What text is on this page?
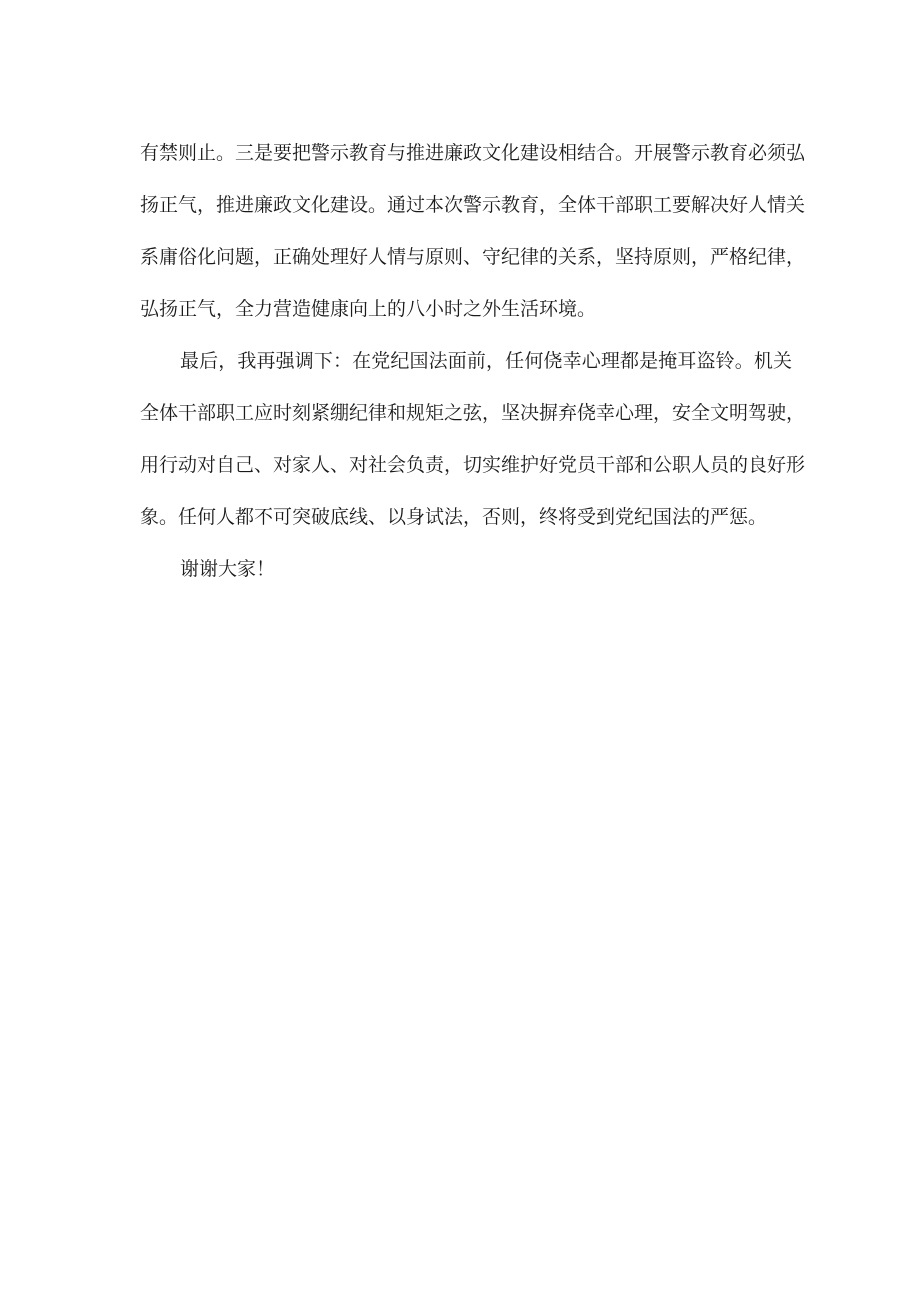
有禁则止。三是要把警示教育与推进廉政文化建设相结合。开展警示教育必须弘
扬正气，推进廉政文化建设。通过本次警示教育，全体干部职工要解决好人情关
系庸俗化问题，正确处理好人情与原则、守纪律的关系，坚持原则，严格纪律，
弘扬正气，全力营造健康向上的八小时之外生活环境。
最后，我再强调下：在党纪国法面前，任何侥幸心理都是掩耳盗铃。机关
全体干部职工应时刻紧绷纪律和规矩之弦，坚决摒弃侥幸心理，安全文明驾驶，
用行动对自己、对家人、对社会负责，切实维护好党员干部和公职人员的良好形
象。任何人都不可突破底线、以身试法，否则，终将受到党纪国法的严惩。
谢谢大家！
